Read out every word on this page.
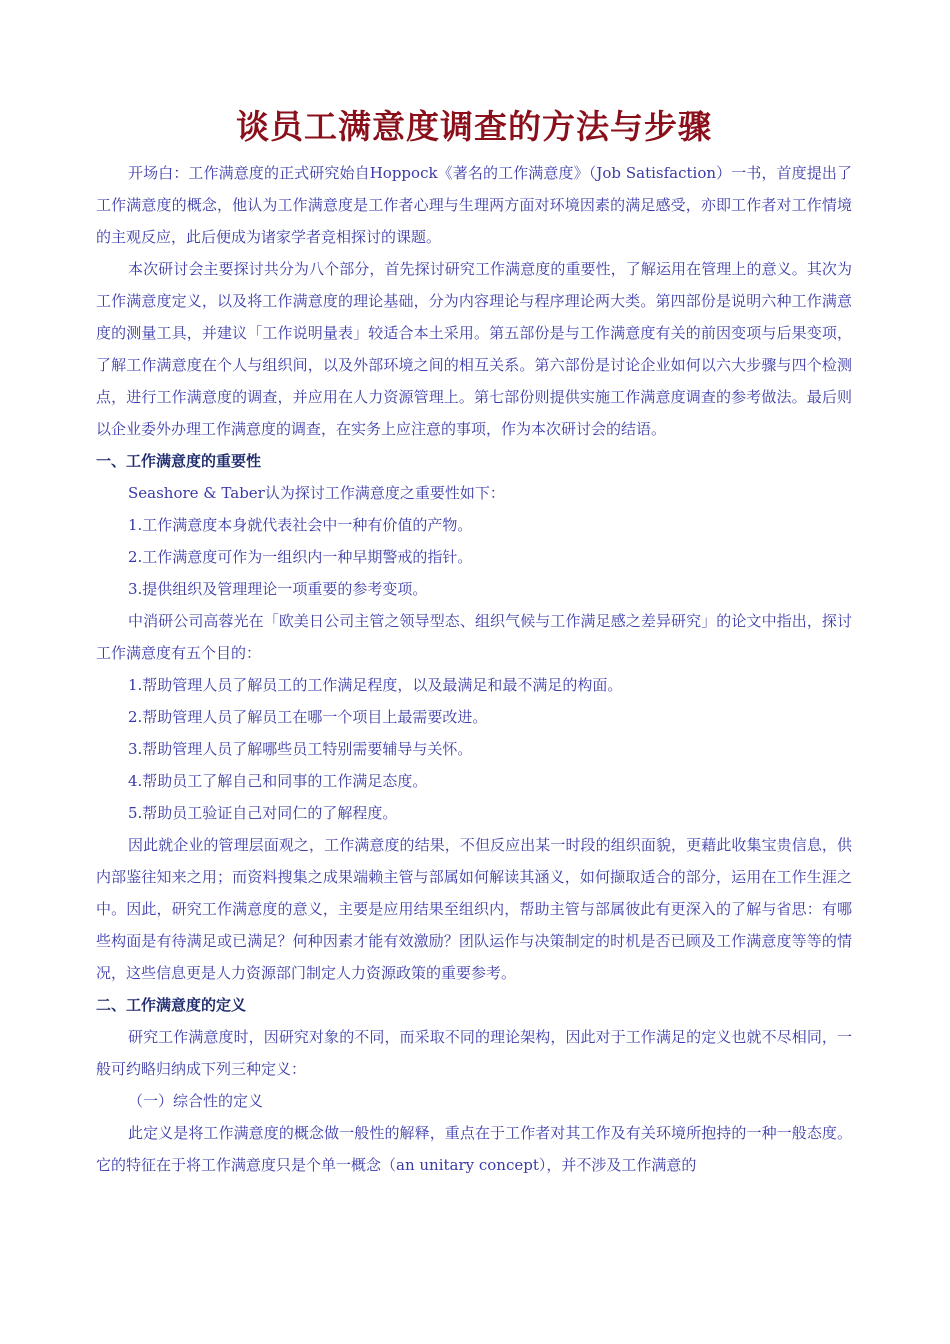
谈员工满意度调查的方法与步骤

开场白：工作满意度的正式研究始自Hoppock《著名的工作满意度》（Job Satisfaction）一书，首度提出了工作满意度的概念，他认为工作满意度是工作者心理与生理两方面对环境因素的满足感受，亦即工作者对工作情境的主观反应，此后便成为诸家学者竞相探讨的课题。

本次研讨会主要探讨共分为八个部分，首先探讨研究工作满意度的重要性，了解运用在管理上的意义。其次为工作满意度定义，以及将工作满意度的理论基础，分为内容理论与程序理论两大类。第四部份是说明六种工作满意度的测量工具，并建议「工作说明量表」较适合本土采用。第五部份是与工作满意度有关的前因变项与后果变项，了解工作满意度在个人与组织间，以及外部环境之间的相互关系。第六部份是讨论企业如何以六大步骤与四个检测点，进行工作满意度的调查，并应用在人力资源管理上。第七部份则提供实施工作满意度调查的参考做法。最后则以企业委外办理工作满意度的调查，在实务上应注意的事项，作为本次研讨会的结语。

一、工作满意度的重要性

Seashore & Taber认为探讨工作满意度之重要性如下：

1.工作满意度本身就代表社会中一种有价值的产物。

2.工作满意度可作为一组织内一种早期警戒的指针。

3.提供组织及管理理论一项重要的参考变项。

中消研公司高蓉光在「欧美日公司主管之领导型态、组织气候与工作满足感之差异研究」的论文中指出，探讨工作满意度有五个目的：

1.帮助管理人员了解员工的工作满足程度，以及最满足和最不满足的构面。

2.帮助管理人员了解员工在哪一个项目上最需要改进。

3.帮助管理人员了解哪些员工特别需要辅导与关怀。

4.帮助员工了解自己和同事的工作满足态度。

5.帮助员工验证自己对同仁的了解程度。

因此就企业的管理层面观之，工作满意度的结果，不但反应出某一时段的组织面貌，更藉此收集宝贵信息，供内部鉴往知来之用；而资料搜集之成果端赖主管与部属如何解读其涵义，如何撷取适合的部分，运用在工作生涯之中。因此，研究工作满意度的意义，主要是应用结果至组织内，帮助主管与部属彼此有更深入的了解与省思：有哪些构面是有待满足或已满足？何种因素才能有效激励？团队运作与决策制定的时机是否已顾及工作满意度等等的情况，这些信息更是人力资源部门制定人力资源政策的重要参考。

二、工作满意度的定义

研究工作满意度时，因研究对象的不同，而采取不同的理论架构，因此对于工作满足的定义也就不尽相同，一般可约略归纳成下列三种定义：

（一）综合性的定义

此定义是将工作满意度的概念做一般性的解释，重点在于工作者对其工作及有关环境所抱持的一种一般态度。它的特征在于将工作满意度只是个单一概念（an unitary concept），并不涉及工作满意的
